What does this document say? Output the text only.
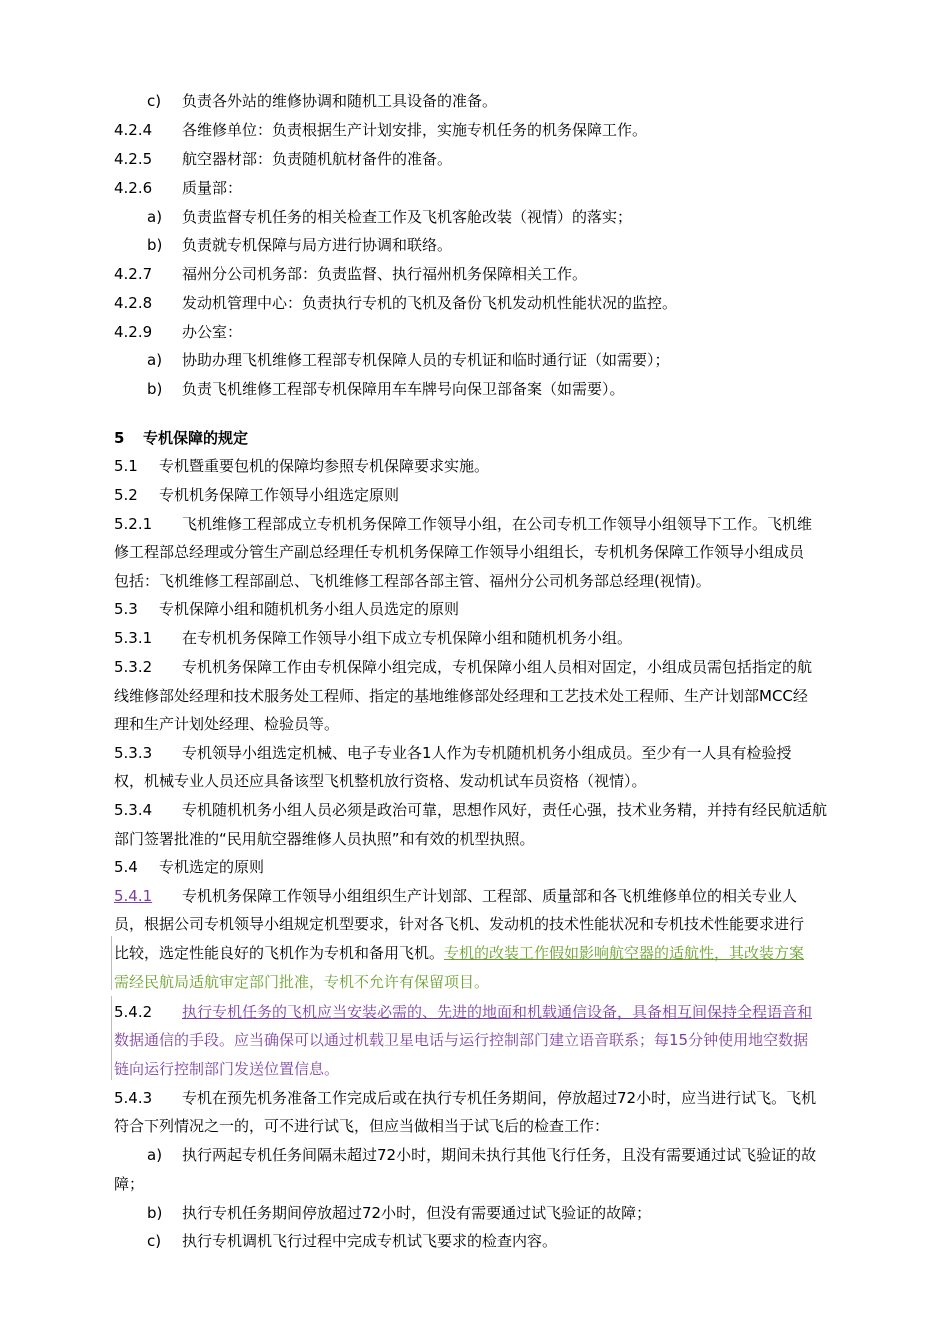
c) 负责各外站的维修协调和随机工具设备的准备。
4.2.4 各维修单位：负责根据生产计划安排，实施专机任务的机务保障工作。
4.2.5 航空器材部：负责随机航材备件的准备。
4.2.6 质量部：
a) 负责监督专机任务的相关检查工作及飞机客舱改装（视情）的落实；
b) 负责就专机保障与局方进行协调和联络。
4.2.7 福州分公司机务部：负责监督、执行福州机务保障相关工作。
4.2.8 发动机管理中心：负责执行专机的飞机及备份飞机发动机性能状况的监控。
4.2.9 办公室：
a) 协助办理飞机维修工程部专机保障人员的专机证和临时通行证（如需要）；
b) 负责飞机维修工程部专机保障用车车牌号向保卫部备案（如需要）。
5 专机保障的规定
5.1 专机暨重要包机的保障均参照专机保障要求实施。
5.2 专机机务保障工作领导小组选定原则
5.2.1 飞机维修工程部成立专机机务保障工作领导小组，在公司专机工作领导小组领导下工作。飞机维
修工程部总经理或分管生产副总经理任专机机务保障工作领导小组组长，专机机务保障工作领导小组成员
包括：飞机维修工程部副总、飞机维修工程部各部主管、福州分公司机务部总经理(视情)。
5.3 专机保障小组和随机机务小组人员选定的原则
5.3.1 在专机机务保障工作领导小组下成立专机保障小组和随机机务小组。
5.3.2 专机机务保障工作由专机保障小组完成，专机保障小组人员相对固定，小组成员需包括指定的航
线维修部处经理和技术服务处工程师、指定的基地维修部处经理和工艺技术处工程师、生产计划部MCC经
理和生产计划处经理、检验员等。
5.3.3 专机领导小组选定机械、电子专业各1人作为专机随机机务小组成员。至少有一人具有检验授
权，机械专业人员还应具备该型飞机整机放行资格、发动机试车员资格（视情）。
5.3.4 专机随机机务小组人员必须是政治可靠，思想作风好，责任心强，技术业务精，并持有经民航适航
部门签署批准的“民用航空器维修人员执照”和有效的机型执照。
5.4 专机选定的原则
5.4.1 专机机务保障工作领导小组组织生产计划部、工程部、质量部和各飞机维修单位的相关专业人
员，根据公司专机领导小组规定机型要求，针对各飞机、发动机的技术性能状况和专机技术性能要求进行
比较，选定性能良好的飞机作为专机和备用飞机。专机的改装工作假如影响航空器的适航性，其改装方案
需经民航局适航审定部门批准，专机不允许有保留项目。
5.4.2 执行专机任务的飞机应当安装必需的、先进的地面和机载通信设备，具备相互间保持全程语音和
数据通信的手段。应当确保可以通过机载卫星电话与运行控制部门建立语音联系；每15分钟使用地空数据
链向运行控制部门发送位置信息。
5.4.3 专机在预先机务准备工作完成后或在执行专机任务期间，停放超过72小时，应当进行试飞。飞机
符合下列情况之一的，可不进行试飞，但应当做相当于试飞后的检查工作：
a) 执行两起专机任务间隔未超过72小时，期间未执行其他飞行任务，且没有需要通过试飞验证的故
障；
b) 执行专机任务期间停放超过72小时，但没有需要通过试飞验证的故障；
c) 执行专机调机飞行过程中完成专机试飞要求的检查内容。
